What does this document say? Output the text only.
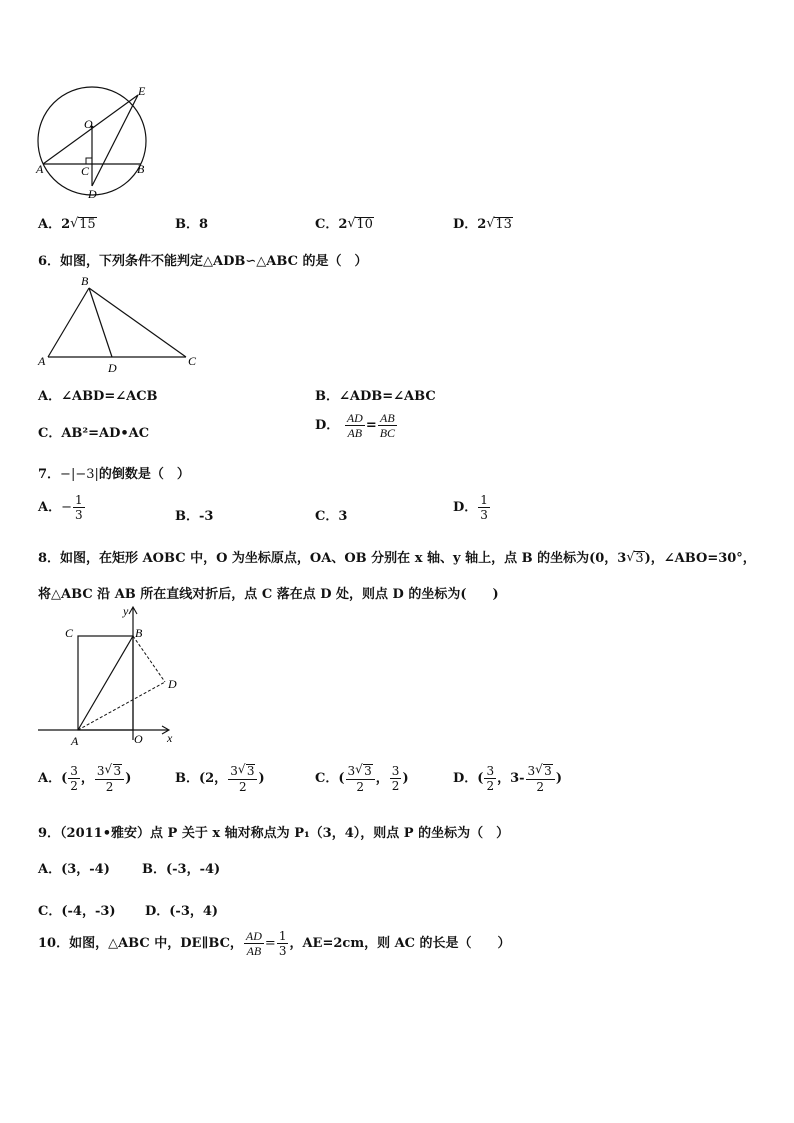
E
O
A	C	B
D
A．2 √ 15	B．8	C．2 √ 10	D．2 √ 13
6．如图，下列条件不能判定△ADB∽△ABC 的是（　）
B
A	D	C
A．∠ABD=∠ACB	B．∠ADB=∠ABC
C．AB²=AD•AC
D． $\frac{AD}{AB} = \frac{AB}{BC}$
7．−|−3|的倒数是（　）
A．− $\frac{1}{3}$	B．-3	C．3
D． $\frac{1}{3}$
8．如图，在矩形 AOBC 中，O 为坐标原点，OA、OB 分别在 x 轴、y 轴上，点 B 的坐标为(0，3 √ 3)，∠ABO=30°，
将△ABC 沿 AB 所在直线对折后，点 C 落在点 D 处，则点 D 的坐标为(　　)
y
C	B
D
A	O x
A．( $\frac{3}{2}$ ， $\frac{3 √ 3}{2}$ )	B．(2， $\frac{3 √ 3}{2}$ )	C．( $\frac{3 √ 3}{2}$ ， $\frac{3}{2}$ )	D．( $\frac{3}{2}$ ，$3- \frac{3 √ 3}{2}$ )
9．（2011•雅安）点 P 关于 x 轴对称点为 P₁（3，4），则点 P 的坐标为（　）
A．(3，-4) B．(-3，-4)
C．(-4，-3) D．(-3，4)
10．如图，△ABC 中，DE∥BC， $\frac{AD}{AB} = \frac{1}{3}$ ，AE=2cm，则 AC 的长是（　　）
